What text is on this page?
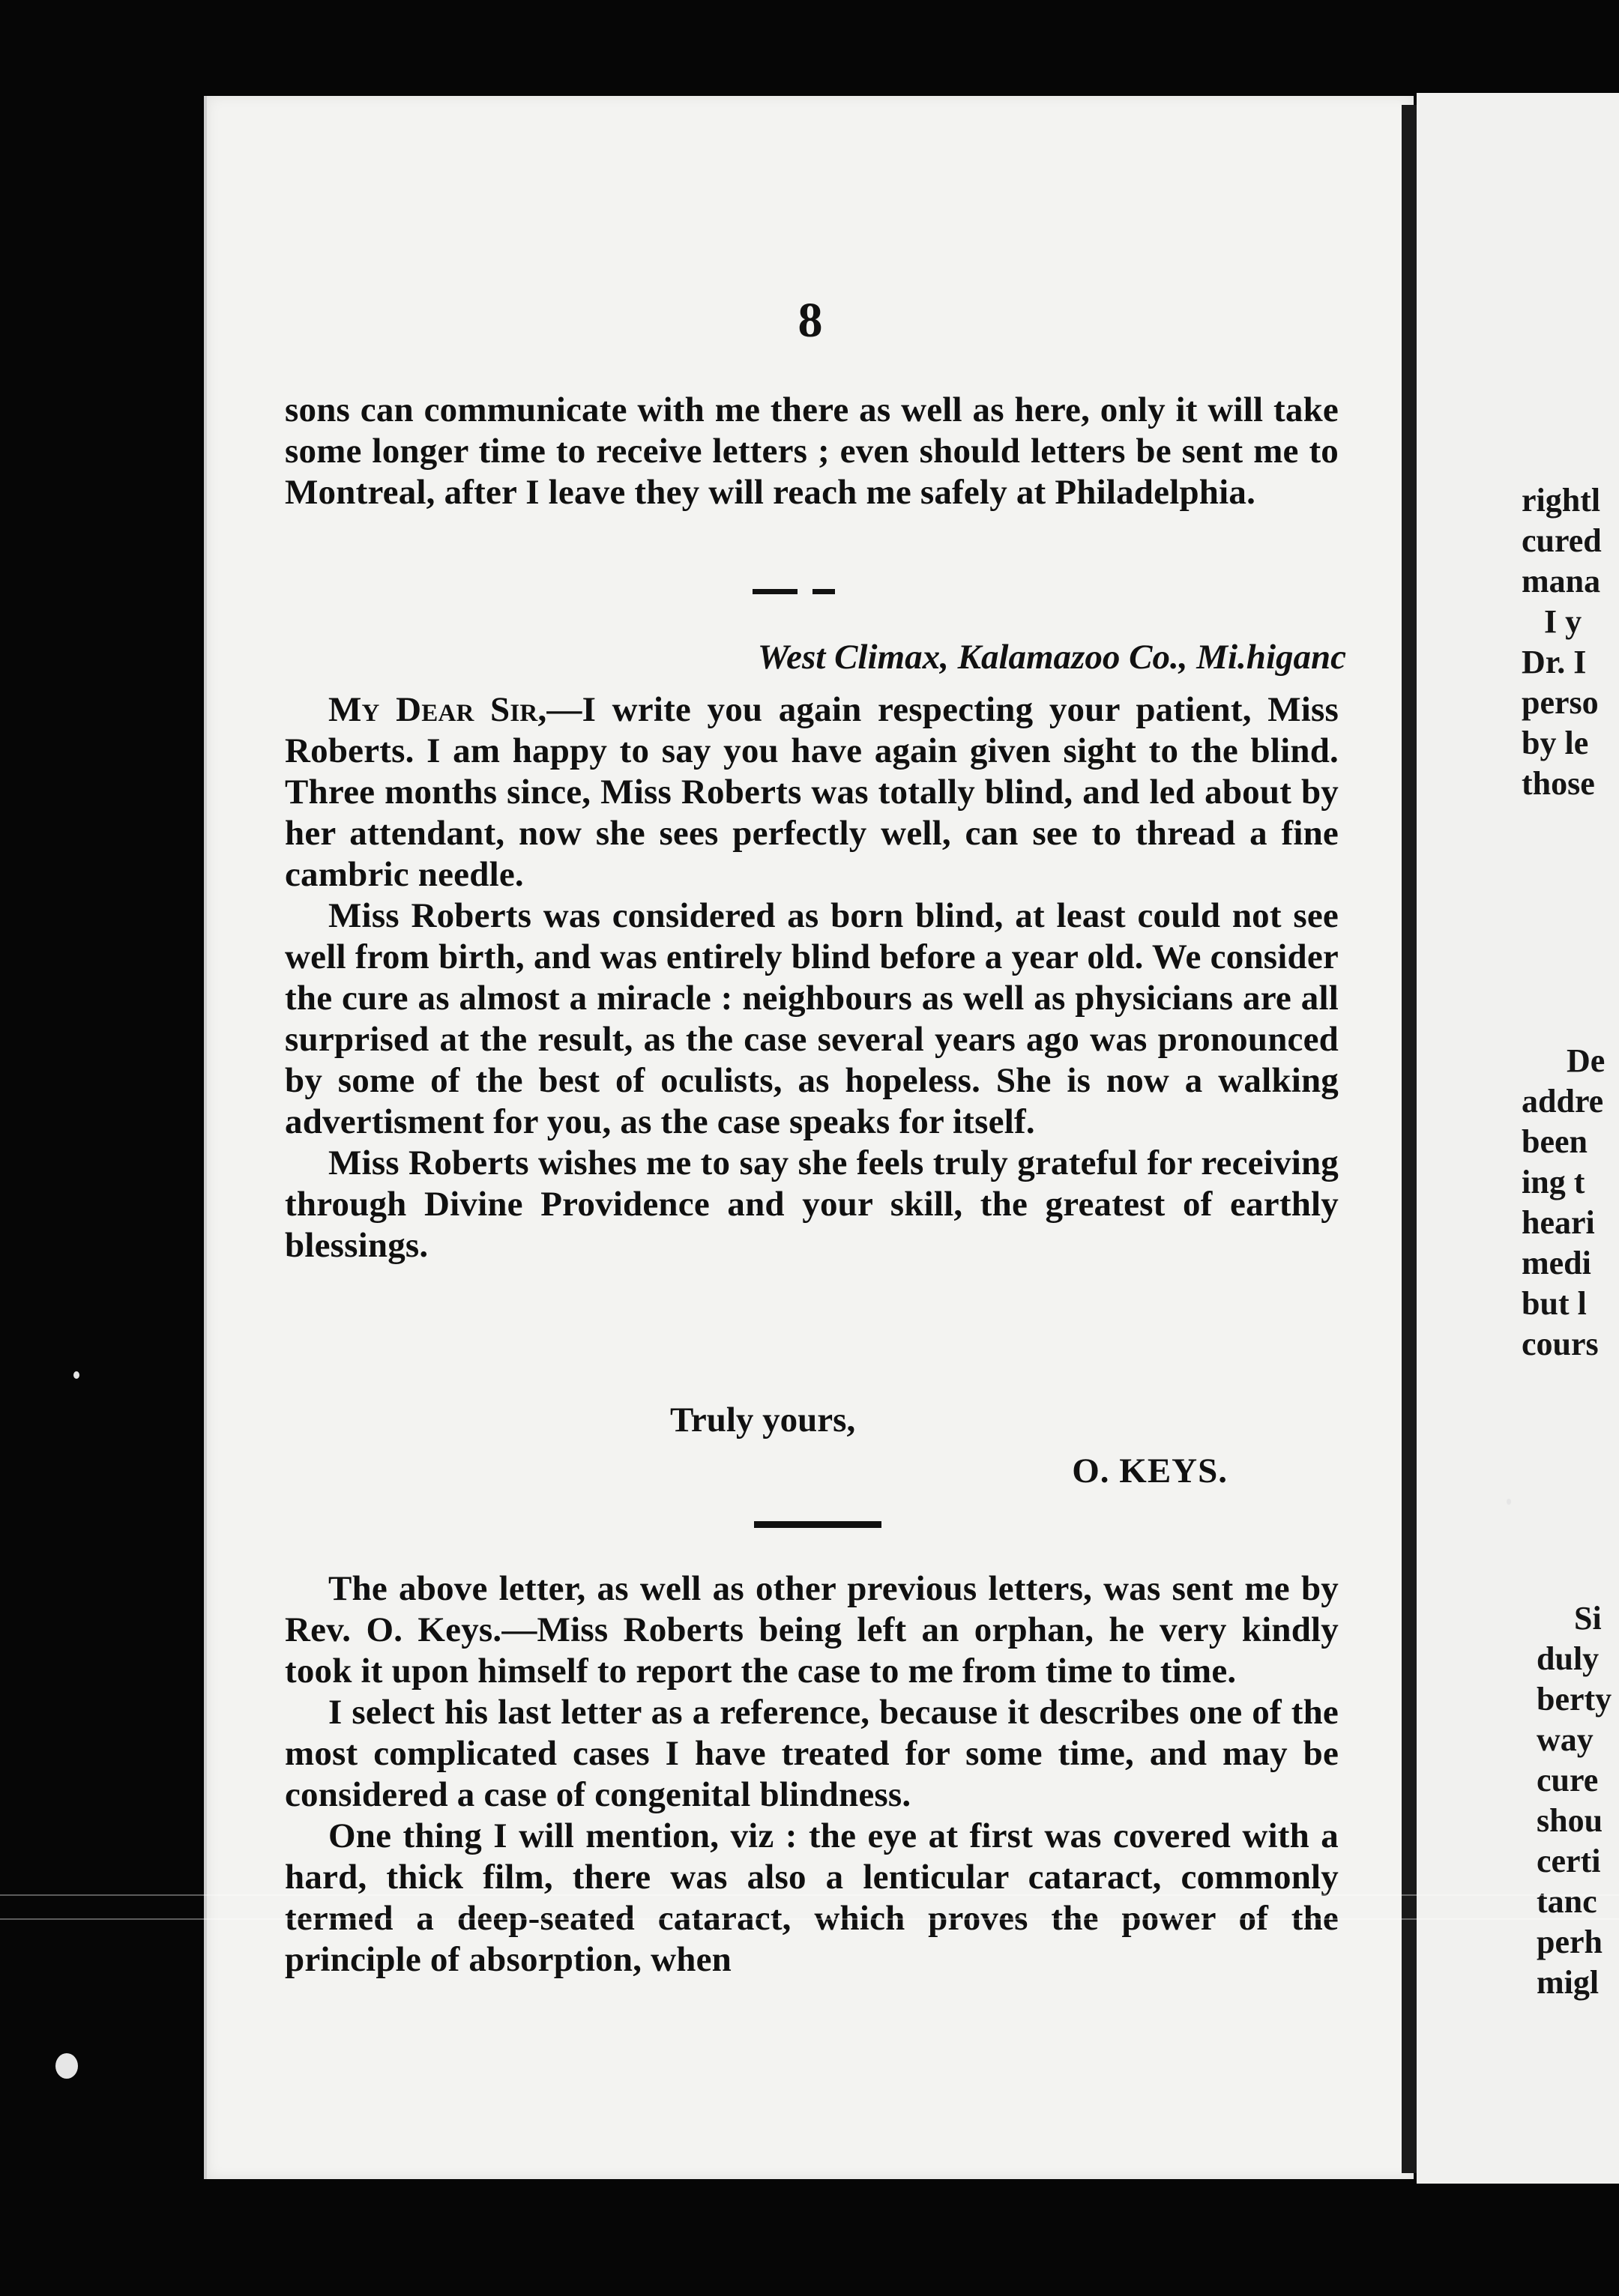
8

sons can communicate with me there as well as here, only it will take some longer time to receive letters ; even should letters be sent me to Montreal, after I leave they will reach me safely at Philadelphia.

West Climax, Kalamazoo Co., Mi.higanc

My Dear Sir,—I write you again respecting your patient, Miss Roberts. I am happy to say you have again given sight to the blind. Three months since, Miss Roberts was totally blind, and led about by her attendant, now she sees perfectly well, can see to thread a fine cambric needle.

Miss Roberts was considered as born blind, at least could not see well from birth, and was entirely blind before a year old. We consider the cure as almost a miracle : neighbours as well as physicians are all surprised at the result, as the case several years ago was pronounced by some of the best of oculists, as hopeless. She is now a walking advertisment for you, as the case speaks for itself.

Miss Roberts wishes me to say she feels truly grateful for receiving through Divine Providence and your skill, the greatest of earthly blessings.

Truly yours,
O. KEYS.

The above letter, as well as other previous letters, was sent me by Rev. O. Keys.—Miss Roberts being left an orphan, he very kindly took it upon himself to report the case to me from time to time.

I select his last letter as a reference, because it describes one of the most complicated cases I have treated for some time, and may be considered a case of congenital blindness.

One thing I will mention, viz : the eye at first was covered with a hard, thick film, there was also a lenticular cataract, commonly termed a deep-seated cataract, which proves the power of the principle of absorption, when

rightl
cured
mana
I y
Dr. I
perso
by le
those
De
addre
been
ing t
heari
medi
but l
cours
Si
duly
berty
way
cure
shou
certi
tanc
perh
migl
